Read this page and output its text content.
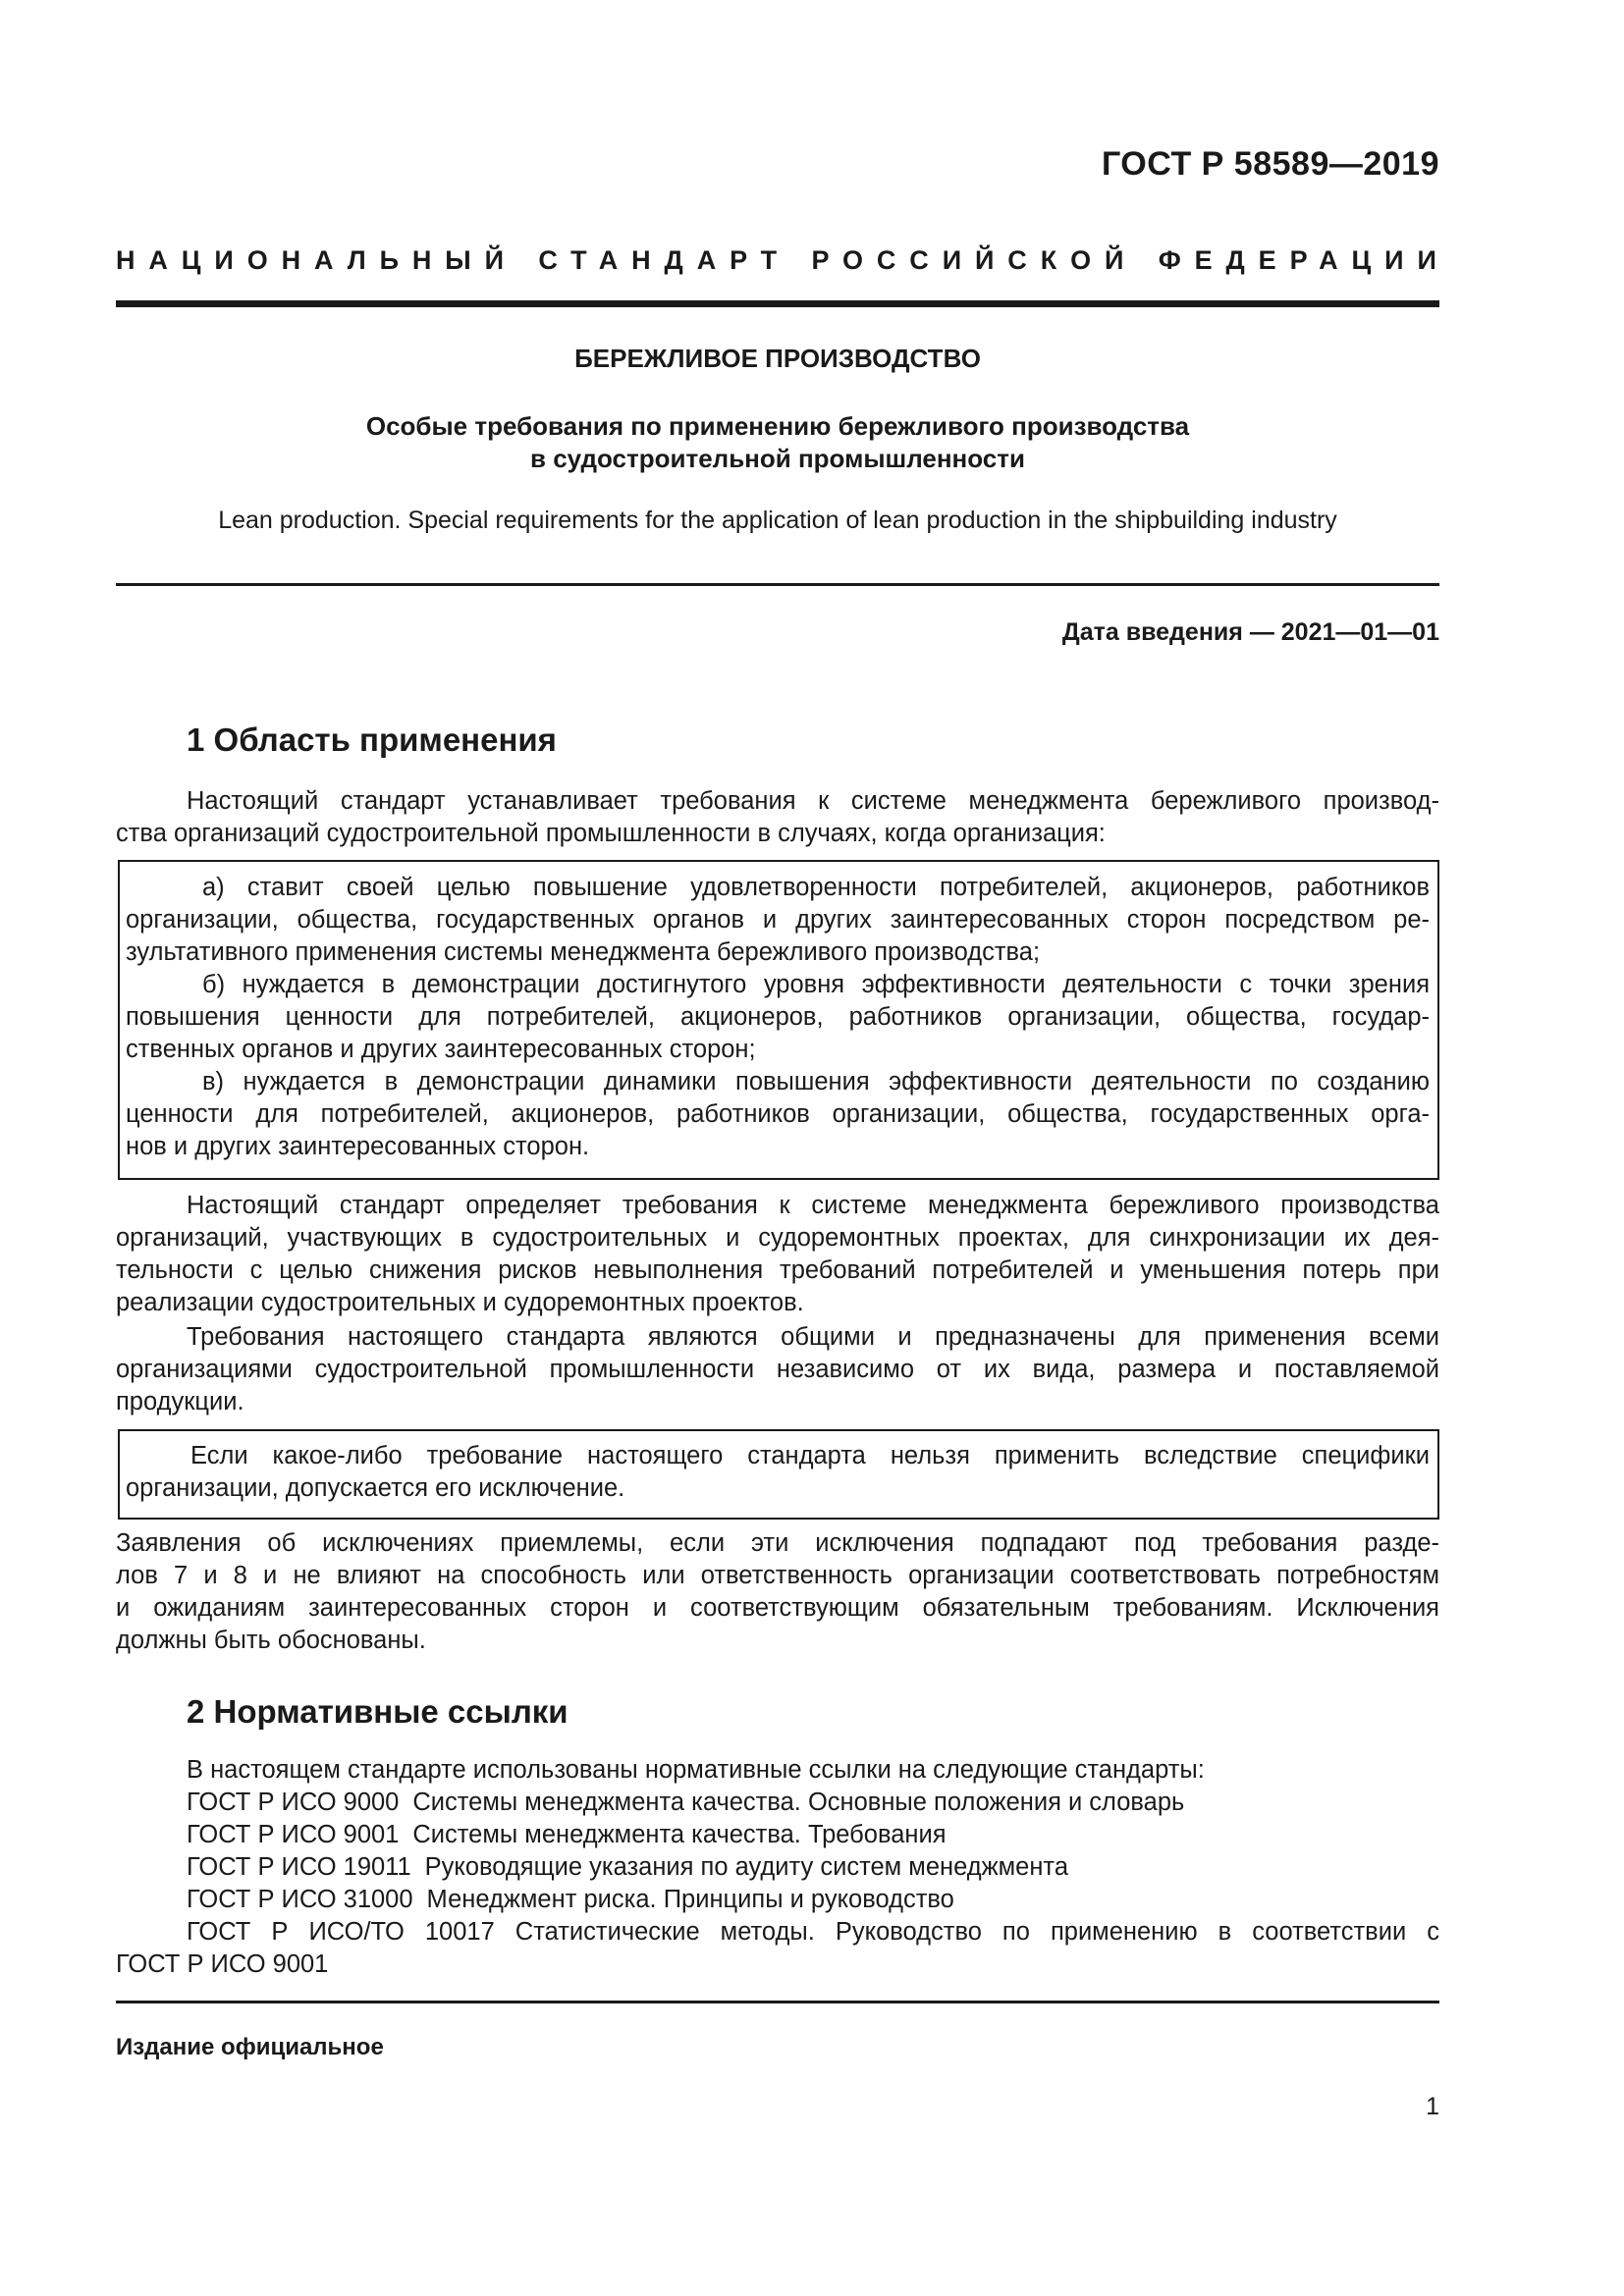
ГОСТ Р 58589—2019
НАЦИОНАЛЬНЫЙ СТАНДАРТ РОССИЙСКОЙ ФЕДЕРАЦИИ
БЕРЕЖЛИВОЕ ПРОИЗВОДСТВО
Особые требования по применению бережливого производства
в судостроительной промышленности
Lean production. Special requirements for the application of lean production in the shipbuilding industry
Дата введения — 2021—01—01
1 Область применения
Настоящий стандарт устанавливает требования к системе менеджмента бережливого производ-
ства организаций судостроительной промышленности в случаях, когда организация:
а) ставит своей целью повышение удовлетворенности потребителей, акционеров, работников
организации, общества, государственных органов и других заинтересованных сторон посредством ре-
зультативного применения системы менеджмента бережливого производства;
б) нуждается в демонстрации достигнутого уровня эффективности деятельности с точки зрения
повышения ценности для потребителей, акционеров, работников организации, общества, государ-
ственных органов и других заинтересованных сторон;
в) нуждается в демонстрации динамики повышения эффективности деятельности по созданию
ценности для потребителей, акционеров, работников организации, общества, государственных орга-
нов и других заинтересованных сторон.
Настоящий стандарт определяет требования к системе менеджмента бережливого производства
организаций, участвующих в судостроительных и судоремонтных проектах, для синхронизации их дея-
тельности с целью снижения рисков невыполнения требований потребителей и уменьшения потерь при
реализации судостроительных и судоремонтных проектов.
Требования настоящего стандарта являются общими и предназначены для применения всеми
организациями судостроительной промышленности независимо от их вида, размера и поставляемой
продукции.
Если какое-либо требование настоящего стандарта нельзя применить вследствие специфики
организации, допускается его исключение.
Заявления об исключениях приемлемы, если эти исключения подпадают под требования разде-
лов 7 и 8 и не влияют на способность или ответственность организации соответствовать потребностям
и ожиданиям заинтересованных сторон и соответствующим обязательным требованиям. Исключения
должны быть обоснованы.
2 Нормативные ссылки
В настоящем стандарте использованы нормативные ссылки на следующие стандарты:
ГОСТ Р ИСО 9000 Системы менеджмента качества. Основные положения и словарь
ГОСТ Р ИСО 9001 Системы менеджмента качества. Требования
ГОСТ Р ИСО 19011 Руководящие указания по аудиту систем менеджмента
ГОСТ Р ИСО 31000 Менеджмент риска. Принципы и руководство
ГОСТ Р ИСО/ТО 10017 Статистические методы. Руководство по применению в соответствии с
ГОСТ Р ИСО 9001
Издание официальное
1
